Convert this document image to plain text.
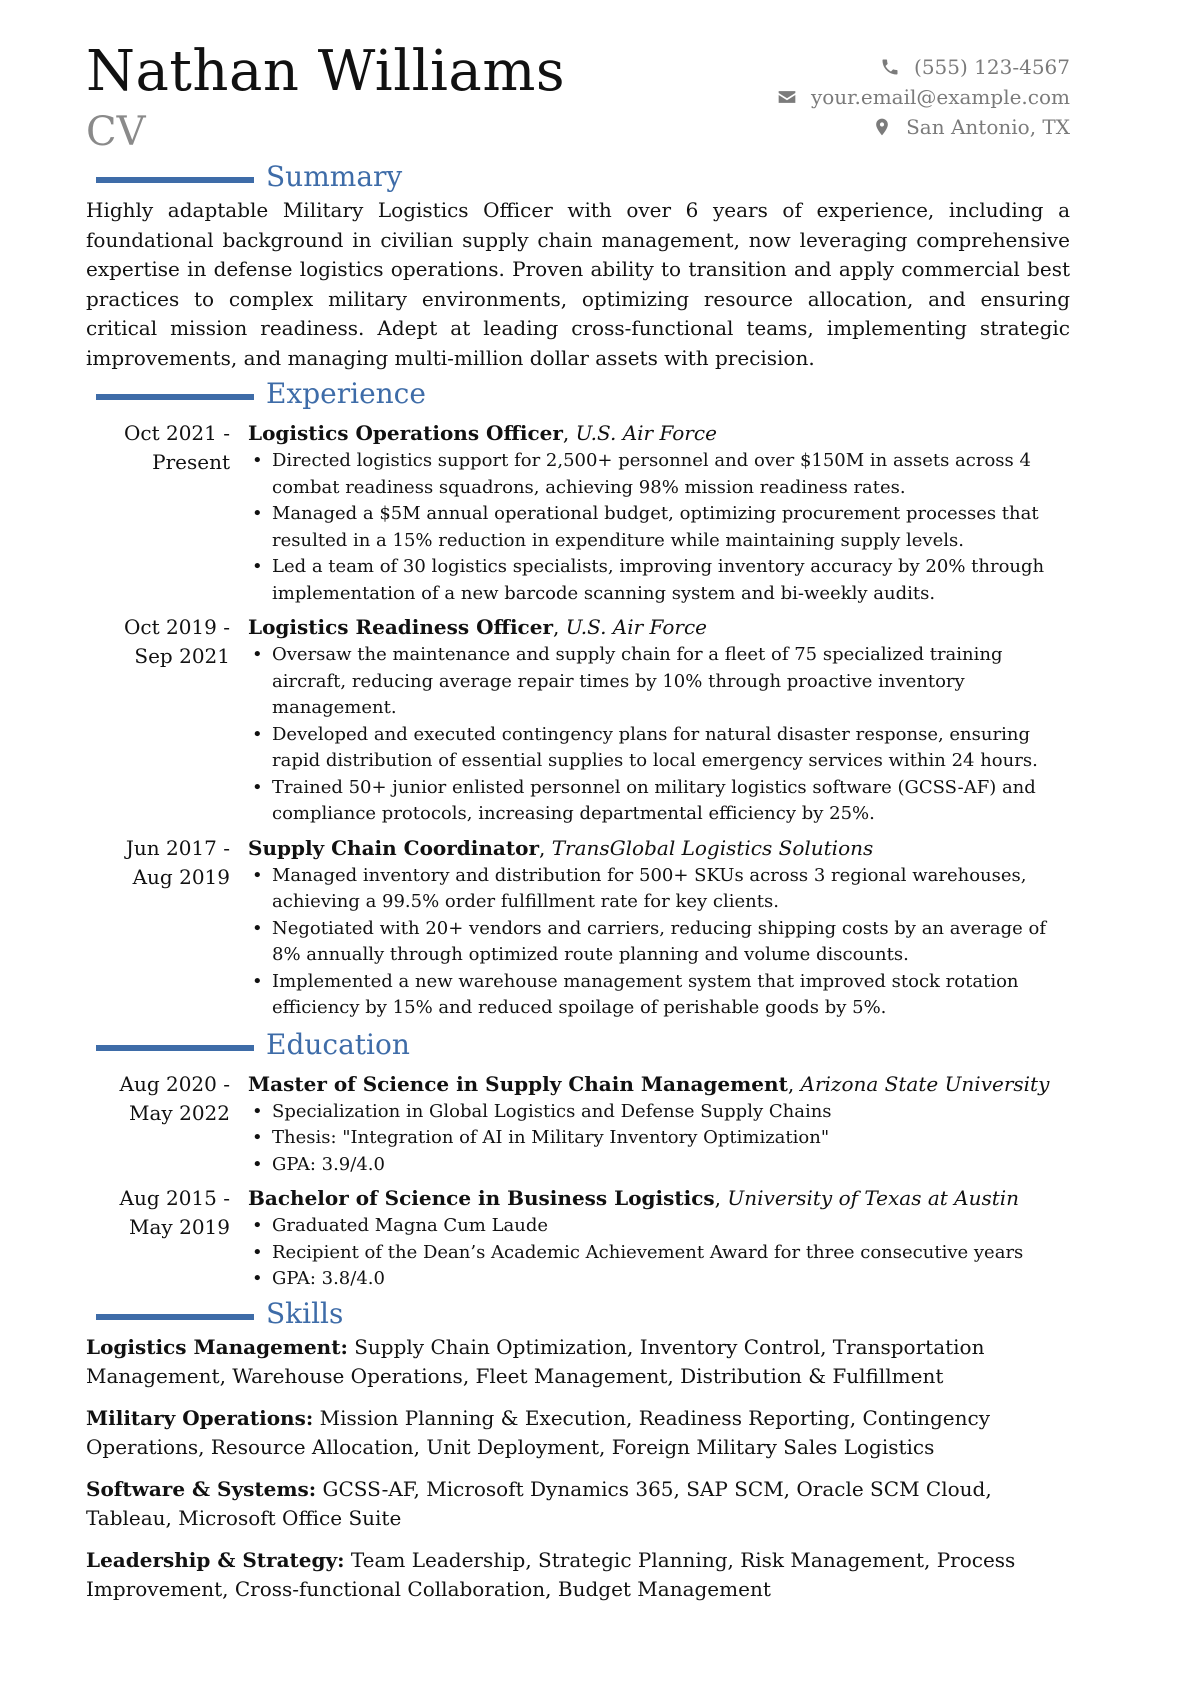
Nathan Williams
CV
(555) 123-4567
your.email@example.com
San Antonio, TX
Summary

Highly adaptable Military Logistics Officer with over 6 years of experience, including a foundational background in civilian supply chain management, now leveraging comprehensive expertise in defense logistics operations. Proven ability to transition and apply commercial best practices to complex military environments, optimizing resource allocation, and ensuring critical mission readiness. Adept at leading cross-functional teams, implementing strategic improvements, and managing multi-million dollar assets with precision.

Experience
Oct 2021 - Present
Logistics Operations Officer, U.S. Air Force
• Directed logistics support for 2,500+ personnel and over $150M in assets across 4 combat readiness squadrons, achieving 98% mission readiness rates.
• Managed a $5M annual operational budget, optimizing procurement processes that resulted in a 15% reduction in expenditure while maintaining supply levels.
• Led a team of 30 logistics specialists, improving inventory accuracy by 20% through implementation of a new barcode scanning system and bi-weekly audits.
Oct 2019 - Sep 2021
Logistics Readiness Officer, U.S. Air Force
• Oversaw the maintenance and supply chain for a fleet of 75 specialized training aircraft, reducing average repair times by 10% through proactive inventory management.
• Developed and executed contingency plans for natural disaster response, ensuring rapid distribution of essential supplies to local emergency services within 24 hours.
• Trained 50+ junior enlisted personnel on military logistics software (GCSS-AF) and compliance protocols, increasing departmental efficiency by 25%.
Jun 2017 - Aug 2019
Supply Chain Coordinator, TransGlobal Logistics Solutions
• Managed inventory and distribution for 500+ SKUs across 3 regional warehouses, achieving a 99.5% order fulfillment rate for key clients.
• Negotiated with 20+ vendors and carriers, reducing shipping costs by an average of 8% annually through optimized route planning and volume discounts.
• Implemented a new warehouse management system that improved stock rotation efficiency by 15% and reduced spoilage of perishable goods by 5%.
Education
Aug 2020 - May 2022
Master of Science in Supply Chain Management, Arizona State University
• Specialization in Global Logistics and Defense Supply Chains
• Thesis: "Integration of AI in Military Inventory Optimization"
• GPA: 3.9/4.0
Aug 2015 - May 2019
Bachelor of Science in Business Logistics, University of Texas at Austin
• Graduated Magna Cum Laude
• Recipient of the Dean’s Academic Achievement Award for three consecutive years
• GPA: 3.8/4.0
Skills

Logistics Management: Supply Chain Optimization, Inventory Control, Transportation Management, Warehouse Operations, Fleet Management, Distribution & Fulfillment

Military Operations: Mission Planning & Execution, Readiness Reporting, Contingency Operations, Resource Allocation, Unit Deployment, Foreign Military Sales Logistics

Software & Systems: GCSS-AF, Microsoft Dynamics 365, SAP SCM, Oracle SCM Cloud, Tableau, Microsoft Office Suite

Leadership & Strategy: Team Leadership, Strategic Planning, Risk Management, Process Improvement, Cross-functional Collaboration, Budget Management
